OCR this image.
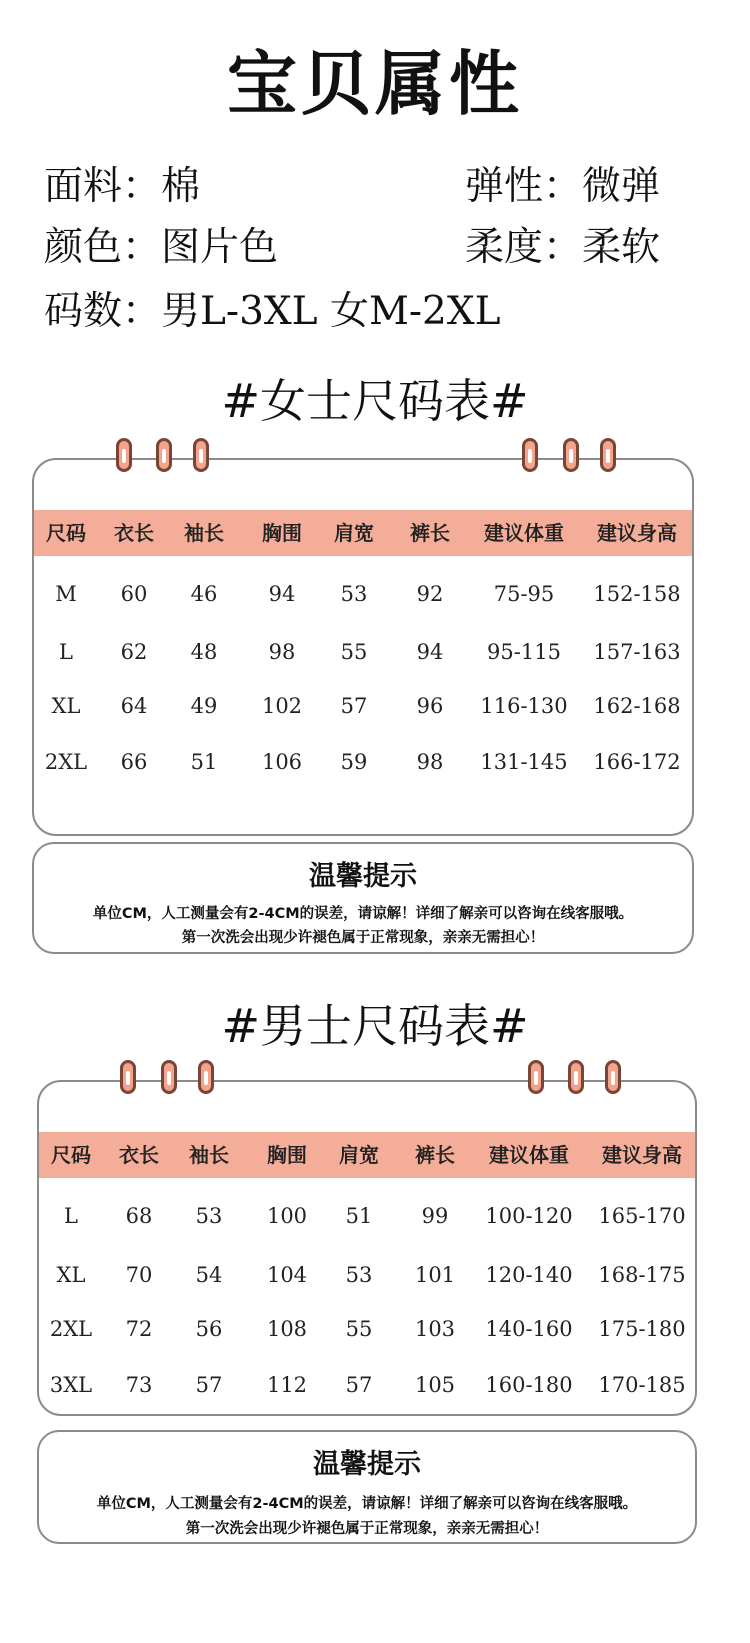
宝贝属性
面料：棉	弹性：微弹
颜色：图片色	柔度：柔软
码数：男L-3XL 女M-2XL
#女士尺码表#
尺码	衣长	袖长	胸围	肩宽	裤长	建议体重	建议身高
M	60	46	94	53	92	75-95	152-158
L	62	48	98	55	94	95-115	157-163
XL	64	49	102	57	96	116-130	162-168
2XL	66	51	106	59	98	131-145	166-172
温馨提示
单位CM，人工测量会有2-4CM的误差，请谅解！详细了解亲可以咨询在线客服哦。
第一次洗会出现少许褪色属于正常现象，亲亲无需担心！
#男士尺码表#
尺码	衣长	袖长	胸围	肩宽	裤长	建议体重	建议身高
L	68	53	100	51	99	100-120	165-170
XL	70	54	104	53	101	120-140	168-175
2XL	72	56	108	55	103	140-160	175-180
3XL	73	57	112	57	105	160-180	170-185
温馨提示
单位CM，人工测量会有2-4CM的误差，请谅解！详细了解亲可以咨询在线客服哦。
第一次洗会出现少许褪色属于正常现象，亲亲无需担心！
